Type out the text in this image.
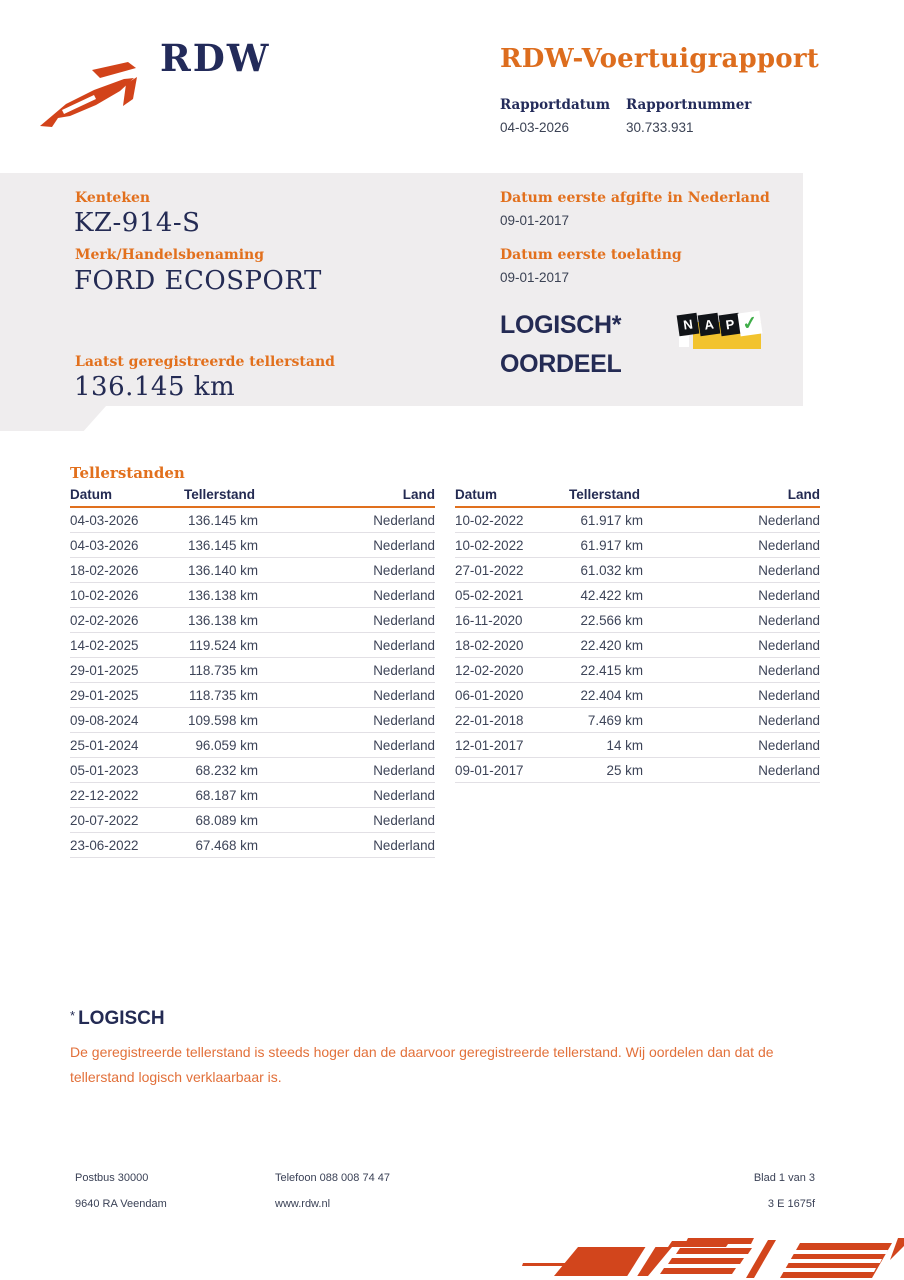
RDW	RDW-Voertuigrapport
Rapportdatum
04-03-2026
Rapportnummer
30.733.931
Kenteken
KZ-914-S
Merk/Handelsbenaming
FORD ECOSPORT
Datum eerste afgifte in Nederland
09-01-2017
Datum eerste toelating
09-01-2017
LOGISCH*
OORDEEL
N A P ✓
Laatst geregistreerde tellerstand
136.145 km
Tellerstanden
Datum	Tellerstand	Land
04-03-2026	136.145 km	Nederland
04-03-2026	136.145 km	Nederland
18-02-2026	136.140 km	Nederland
10-02-2026	136.138 km	Nederland
02-02-2026	136.138 km	Nederland
14-02-2025	119.524 km	Nederland
29-01-2025	118.735 km	Nederland
29-01-2025	118.735 km	Nederland
09-08-2024	109.598 km	Nederland
25-01-2024	96.059 km	Nederland
05-01-2023	68.232 km	Nederland
22-12-2022	68.187 km	Nederland
20-07-2022	68.089 km	Nederland
23-06-2022	67.468 km	Nederland
Datum	Tellerstand	Land
10-02-2022	61.917 km	Nederland
10-02-2022	61.917 km	Nederland
27-01-2022	61.032 km	Nederland
05-02-2021	42.422 km	Nederland
16-11-2020	22.566 km	Nederland
18-02-2020	22.420 km	Nederland
12-02-2020	22.415 km	Nederland
06-01-2020	22.404 km	Nederland
22-01-2018	7.469 km	Nederland
12-01-2017	14 km	Nederland
09-01-2017	25 km	Nederland
* LOGISCH
De geregistreerde tellerstand is steeds hoger dan de daarvoor geregistreerde tellerstand. Wij oordelen dan dat de tellerstand logisch verklaarbaar is.
Postbus 30000
9640 RA Veendam
Telefoon 088 008 74 47
www.rdw.nl
Blad 1 van 3
3 E 1675f
